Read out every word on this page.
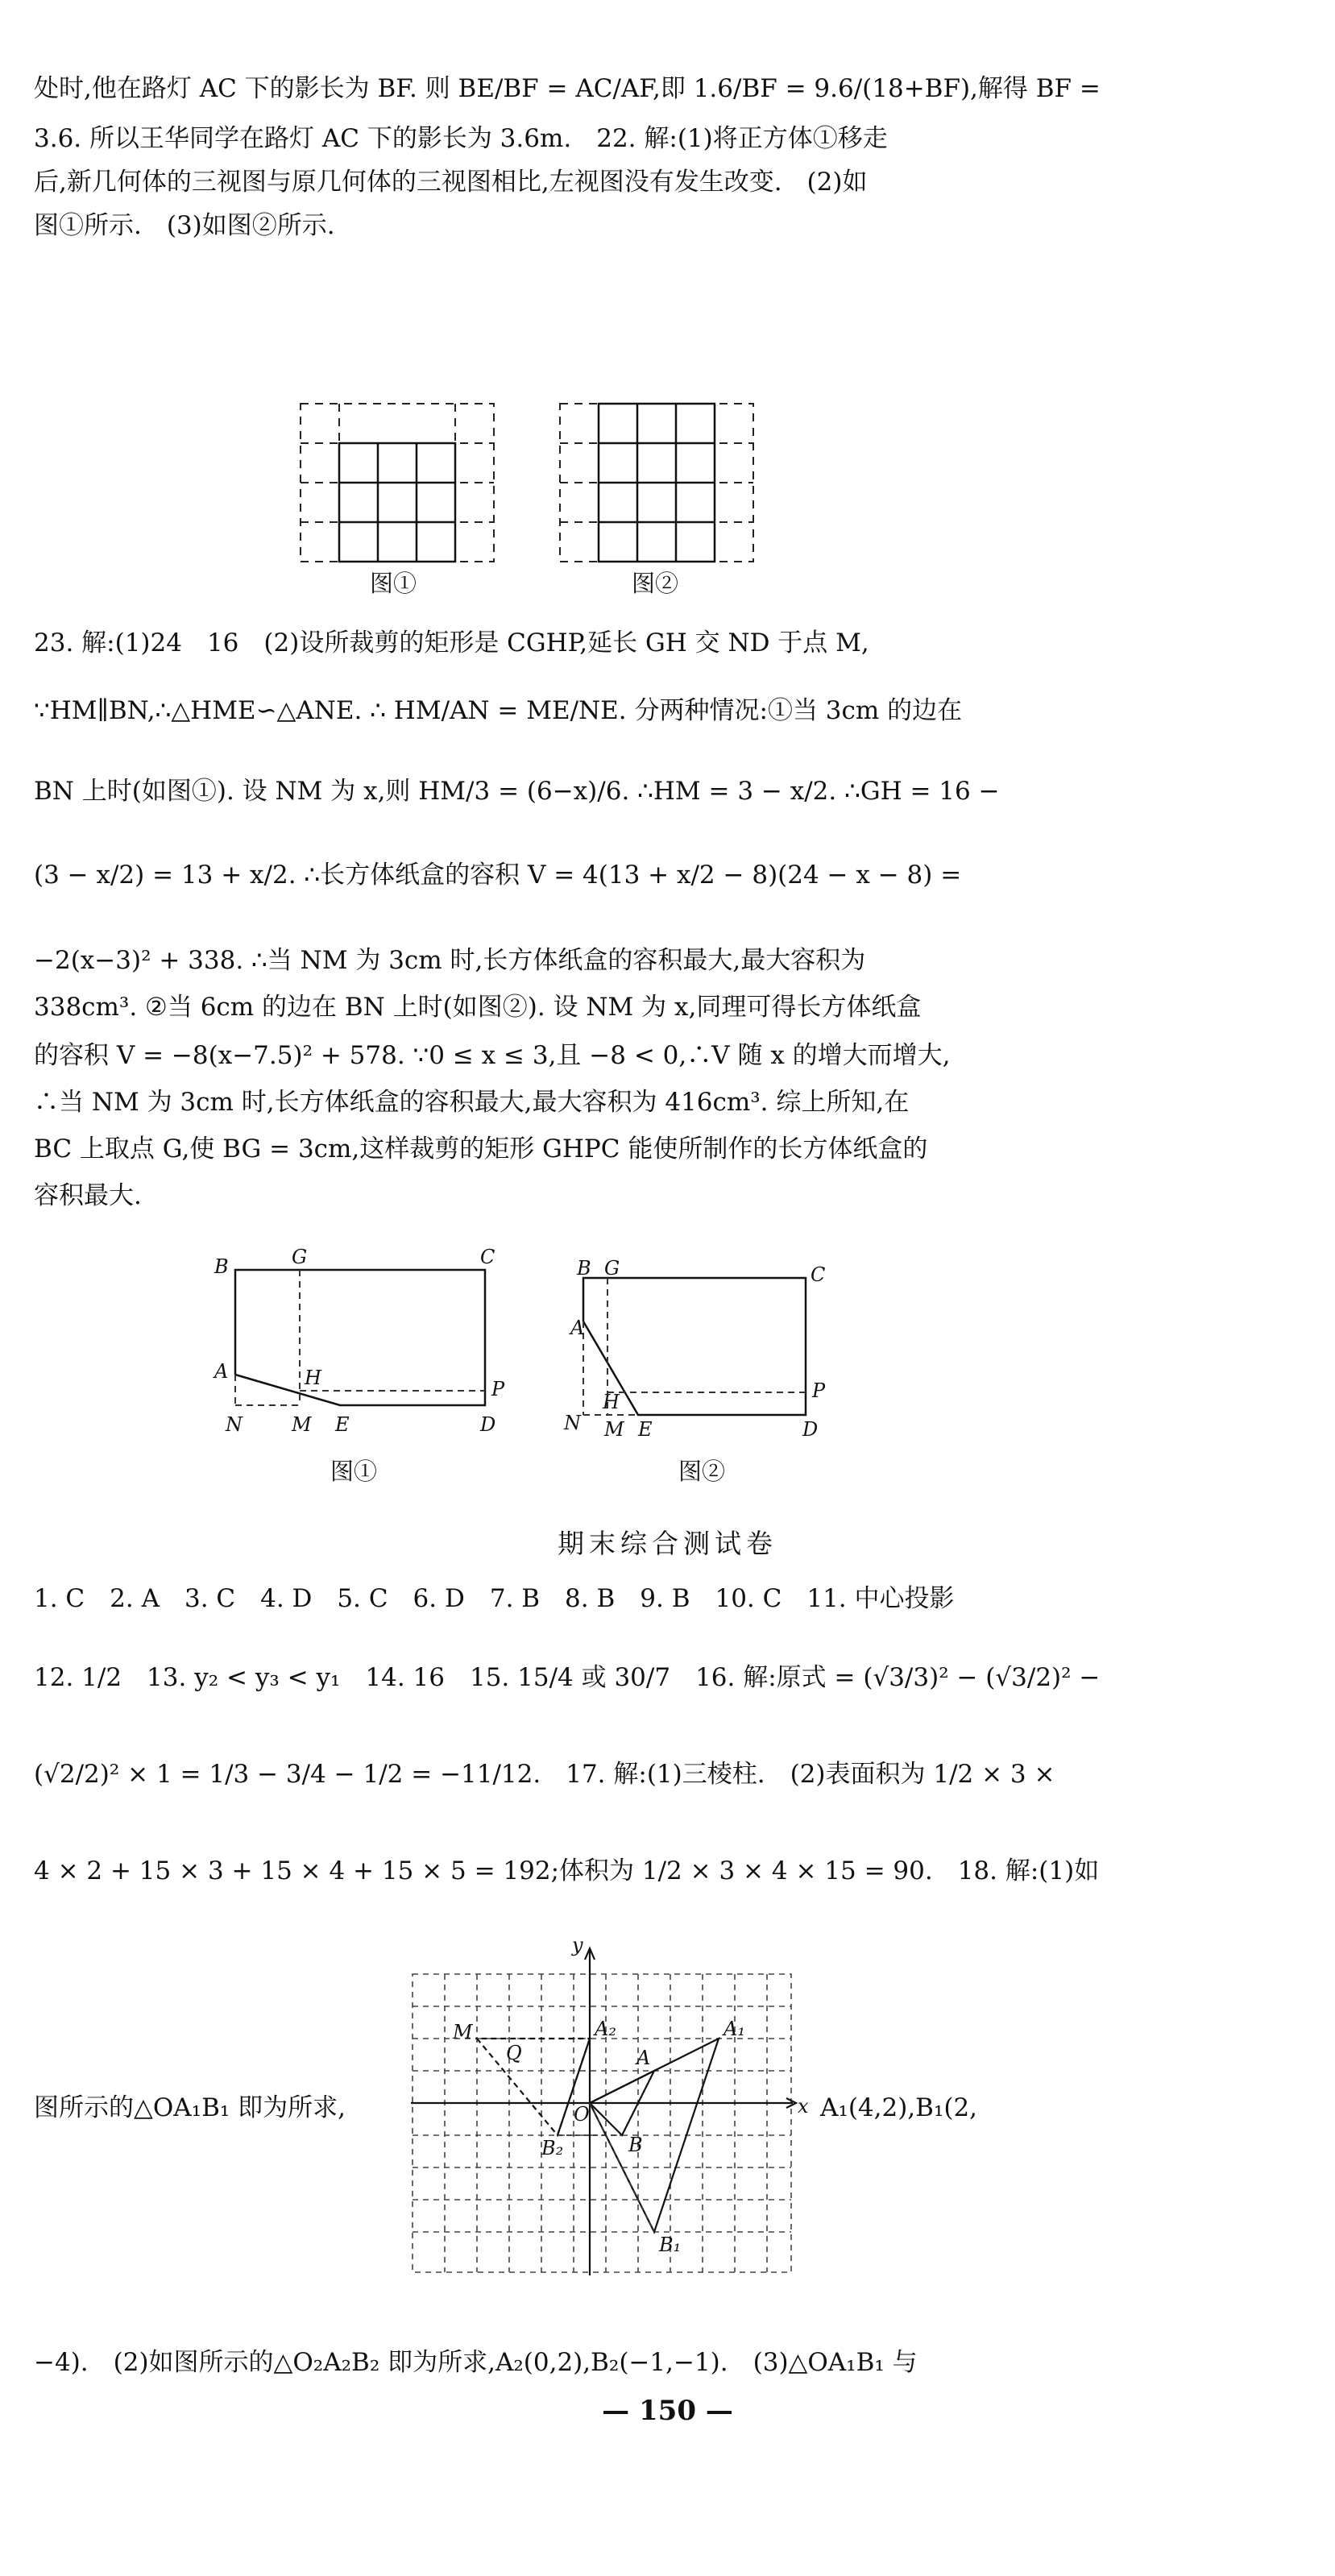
处时,他在路灯 AC 下的影长为 BF. 则 BE/BF = AC/AF,即 1.6/BF = 9.6/(18+BF),解得 BF =
3.6. 所以王华同学在路灯 AC 下的影长为 3.6m.　22. 解:(1)将正方体①移走
后,新几何体的三视图与原几何体的三视图相比,左视图没有发生改变.　(2)如
图①所示.　(3)如图②所示.
图①	图②
23. 解:(1)24　16　(2)设所裁剪的矩形是 CGHP,延长 GH 交 ND 于点 M,
∵HM∥BN,∴△HME∽△ANE. ∴ HM/AN = ME/NE. 分两种情况:①当 3cm 的边在
BN 上时(如图①). 设 NM 为 x,则 HM/3 = (6−x)/6. ∴HM = 3 − x/2. ∴GH = 16 −
(3 − x/2) = 13 + x/2. ∴长方体纸盒的容积 V = 4(13 + x/2 − 8)(24 − x − 8) =
−2(x−3)² + 338. ∴当 NM 为 3cm 时,长方体纸盒的容积最大,最大容积为
338cm³. ②当 6cm 的边在 BN 上时(如图②). 设 NM 为 x,同理可得长方体纸盒
的容积 V = −8(x−7.5)² + 578. ∵0 ≤ x ≤ 3,且 −8 < 0,∴V 随 x 的增大而增大,
∴当 NM 为 3cm 时,长方体纸盒的容积最大,最大容积为 416cm³. 综上所知,在
BC 上取点 G,使 BG = 3cm,这样裁剪的矩形 GHPC 能使所制作的长方体纸盒的
容积最大.
B	G	C
A	H	P
N	M E	D
图①
B G	C
A
H	P
N M E	D
图②
期末综合测试卷
1. C　2. A　3. C　4. D　5. C　6. D　7. B　8. B　9. B　10. C　11. 中心投影
12. 1/2　13. y₂ < y₃ < y₁　14. 16　15. 15/4 或 30/7　16. 解:原式 = (√3/3)² − (√3/2)² −
(√2/2)² × 1 = 1/3 − 3/4 − 1/2 = −11/12.　17. 解:(1)三棱柱.　(2)表面积为 1/2 × 3 ×
4 × 2 + 15 × 3 + 15 × 4 + 15 × 5 = 192;体积为 1/2 × 3 × 4 × 15 = 90.　18. 解:(1)如
y
x
O
M
Q
A₂	A₁
A
B₂	B
B₁
图所示的△OA₁B₁ 即为所求,	A₁(4,2),B₁(2,
−4).　(2)如图所示的△O₂A₂B₂ 即为所求,A₂(0,2),B₂(−1,−1).　(3)△OA₁B₁ 与
— 150 —
